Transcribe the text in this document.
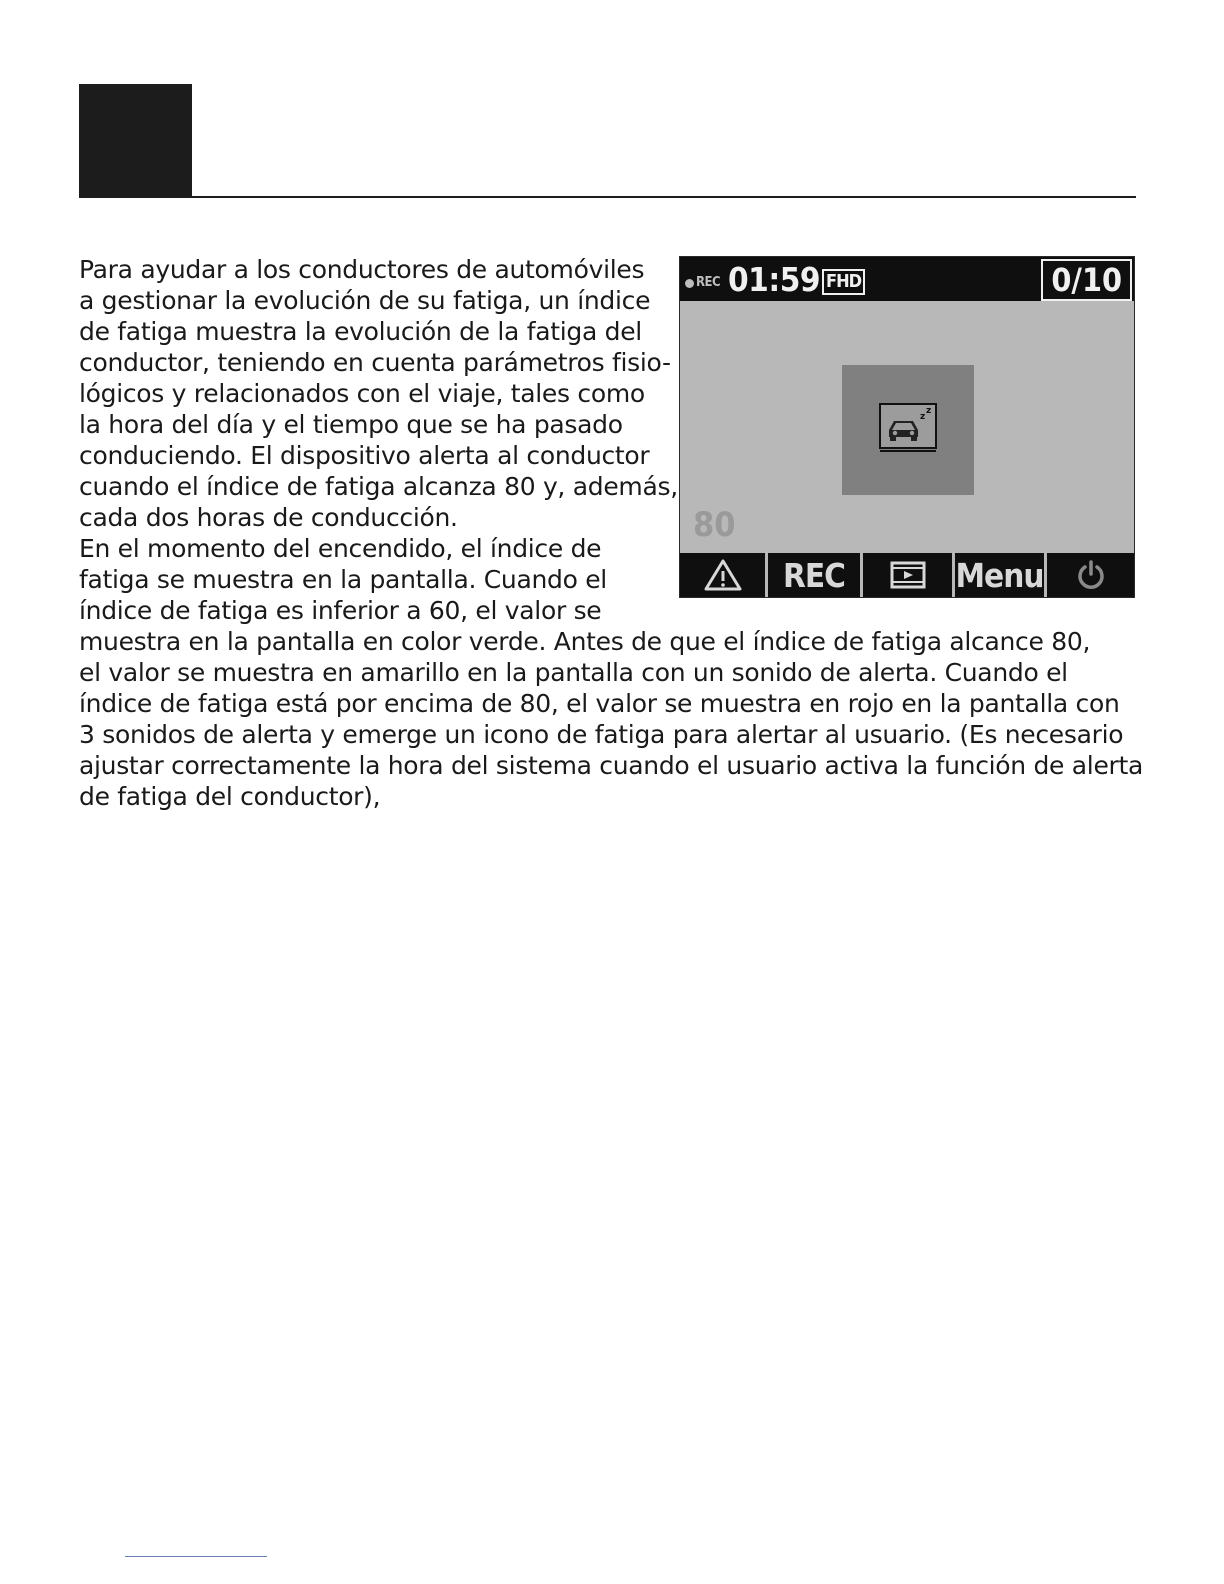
Para ayudar a los conductores de automóviles
a gestionar la evolución de su fatiga, un índice
de fatiga muestra la evolución de la fatiga del
conductor, teniendo en cuenta parámetros fisio-
lógicos y relacionados con el viaje, tales como
la hora del día y el tiempo que se ha pasado
conduciendo. El dispositivo alerta al conductor
cuando el índice de fatiga alcanza 80 y, además,
cada dos horas de conducción.
En el momento del encendido, el índice de
fatiga se muestra en la pantalla. Cuando el
índice de fatiga es inferior a 60, el valor se
muestra en la pantalla en color verde. Antes de que el índice de fatiga alcance 80,
el valor se muestra en amarillo en la pantalla con un sonido de alerta. Cuando el
índice de fatiga está por encima de 80, el valor se muestra en rojo en la pantalla con
3 sonidos de alerta y emerge un icono de fatiga para alertar al usuario. (Es necesario
ajustar correctamente la hora del sistema cuando el usuario activa la función de alerta
de fatiga del conductor),
REC 01:59 FHD	0/10
z
z
80
REC	Menu
